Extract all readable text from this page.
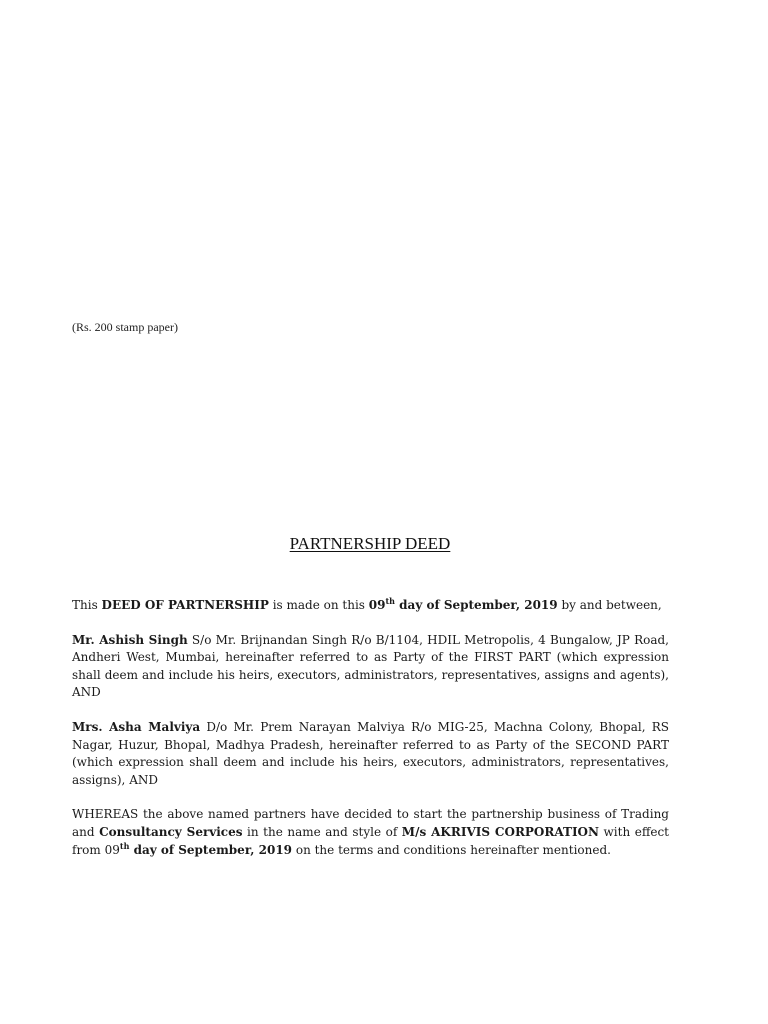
(Rs. 200 stamp paper)
PARTNERSHIP DEED

This DEED OF PARTNERSHIP is made on this 09th day of September, 2019 by and between,

Mr. Ashish Singh S/o Mr. Brijnandan Singh R/o B/1104, HDIL Metropolis, 4 Bungalow, JP Road, Andheri West, Mumbai, hereinafter referred to as Party of the FIRST PART (which expression shall deem and include his heirs, executors, administrators, representatives, assigns and agents), AND

Mrs. Asha Malviya D/o Mr. Prem Narayan Malviya R/o MIG-25, Machna Colony, Bhopal, RS Nagar, Huzur, Bhopal, Madhya Pradesh, hereinafter referred to as Party of the SECOND PART (which expression shall deem and include his heirs, executors, administrators, representatives, assigns), AND

WHEREAS the above named partners have decided to start the partnership business of Trading and Consultancy Services in the name and style of M/s AKRIVIS CORPORATION with effect from 09th day of September, 2019 on the terms and conditions hereinafter mentioned.
